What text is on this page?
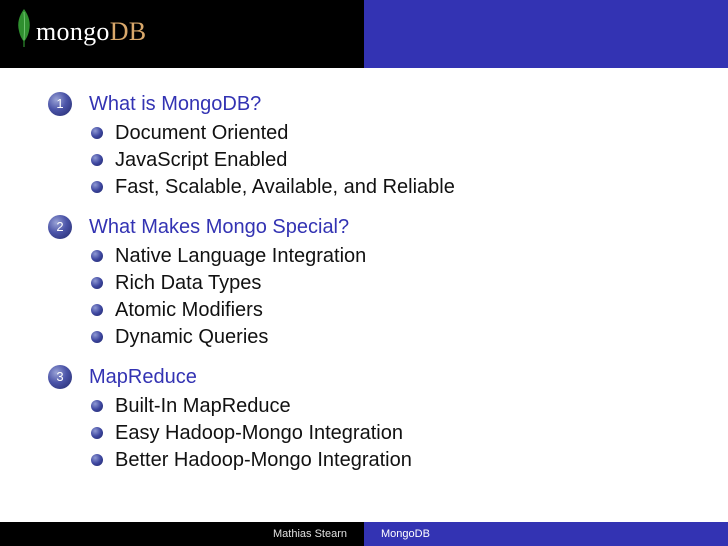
mongoDB
1	What is MongoDB?
Document Oriented
JavaScript Enabled
Fast, Scalable, Available, and Reliable
2	What Makes Mongo Special?
Native Language Integration
Rich Data Types
Atomic Modifiers
Dynamic Queries
3	MapReduce
Built-In MapReduce
Easy Hadoop-Mongo Integration
Better Hadoop-Mongo Integration
Mathias Stearn	MongoDB
